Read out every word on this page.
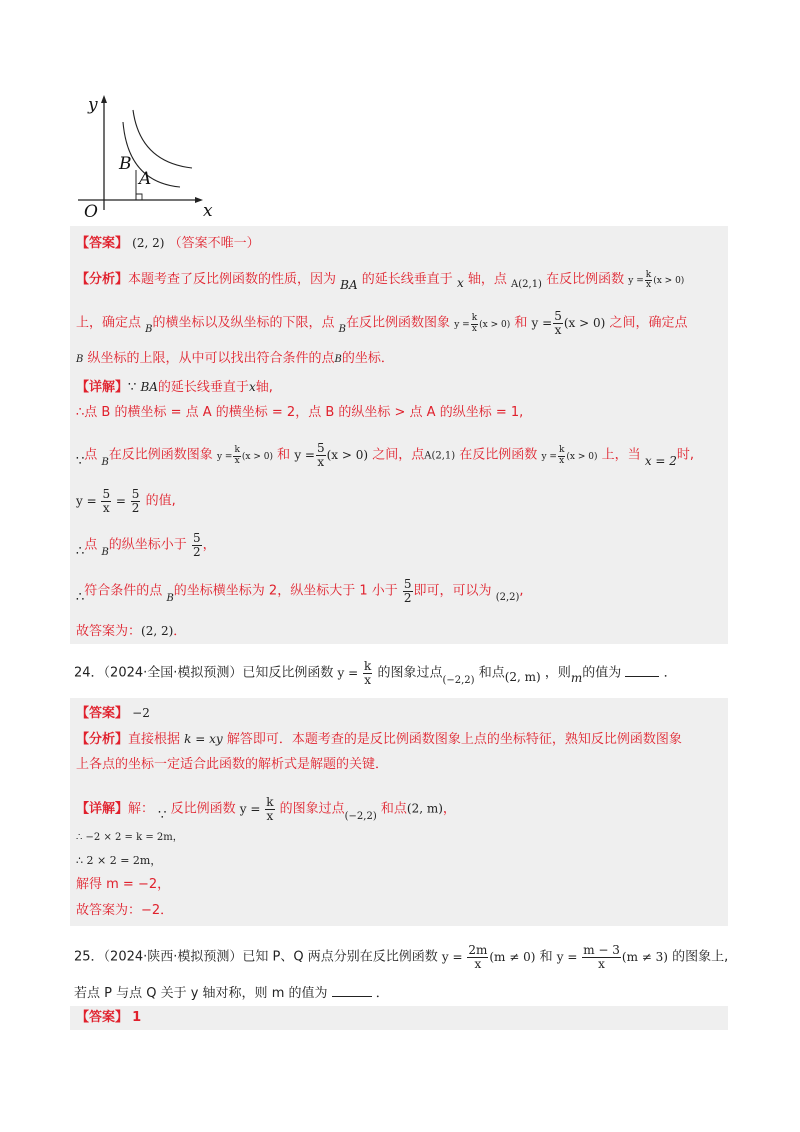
y
x
O
B
A
【答案】 (2, 2) （答案不唯一）
【分析】本题考查了反比例函数的性质，因为 BA 的延长线垂直于 x 轴，点 $_{A(2,1)}$ 在反比例函数 $y = \frac{k}{x} (x > 0)$
上，确定点 $_B$的横坐标以及纵坐标的下限，点 $_B$在反比例函数图象 $y = \frac{k}{x} (x > 0)$ 和 $y = \frac{5}{x} (x > 0)$ 之间，确定点
B 纵坐标的上限，从中可以找出符合条件的点B的坐标．
【详解】∵ BA的延长线垂直于x轴,
∴点 B 的横坐标 = 点 A 的横坐标 = 2，点 B 的纵坐标 > 点 A 的纵坐标 = 1,
∵点 $_B$在反比例函数图象 $y = \frac{k}{x} (x > 0)$ 和 $y = \frac{5}{x} (x > 0)$ 之间，点A(2,1) 在反比例函数 $y = \frac{k}{x} (x > 0)$ 上，当 x = 2时,
$y = \frac{5}{x} = \frac{5}{2}$ 的值,
∴点 $_B$的纵坐标小于 $\frac{5}{2}$ ，
∴符合条件的点 $_B$的坐标横坐标为 2，纵坐标大于 1 小于 $\frac{5}{2}$ 即可，可以为 $_{(2,2)}$,
故答案为：(2, 2)．
24．（2024·全国·模拟预测）已知反比例函数 $y = \frac{k}{x}$ 的图象过点$_{(-2,2)}$ 和点(2, m) ，则m的值为	．
【答案】 −2
【分析】直接根据 k = xy 解答即可．本题考查的是反比例函数图象上点的坐标特征，熟知反比例函数图象
上各点的坐标一定适合此函数的解析式是解题的关键．
【详解】解： ∵ 反比例函数 $y = \frac{k}{x}$ 的图象过点$_{(-2,2)}$ 和点(2, m)，
∴ −2 × 2 = k = 2m，
∴ 2 × 2 = 2m，
解得 m = −2，
故答案为：−2．
25．（2024·陕西·模拟预测）已知 P、Q 两点分别在反比例函数 $y = \frac{2m}{x} (m \ne 0)$ 和 $y = \frac{m - 3}{x} (m \ne 3)$ 的图象上,
若点 P 与点 Q 关于 y 轴对称，则 m 的值为	．
【答案】 1
